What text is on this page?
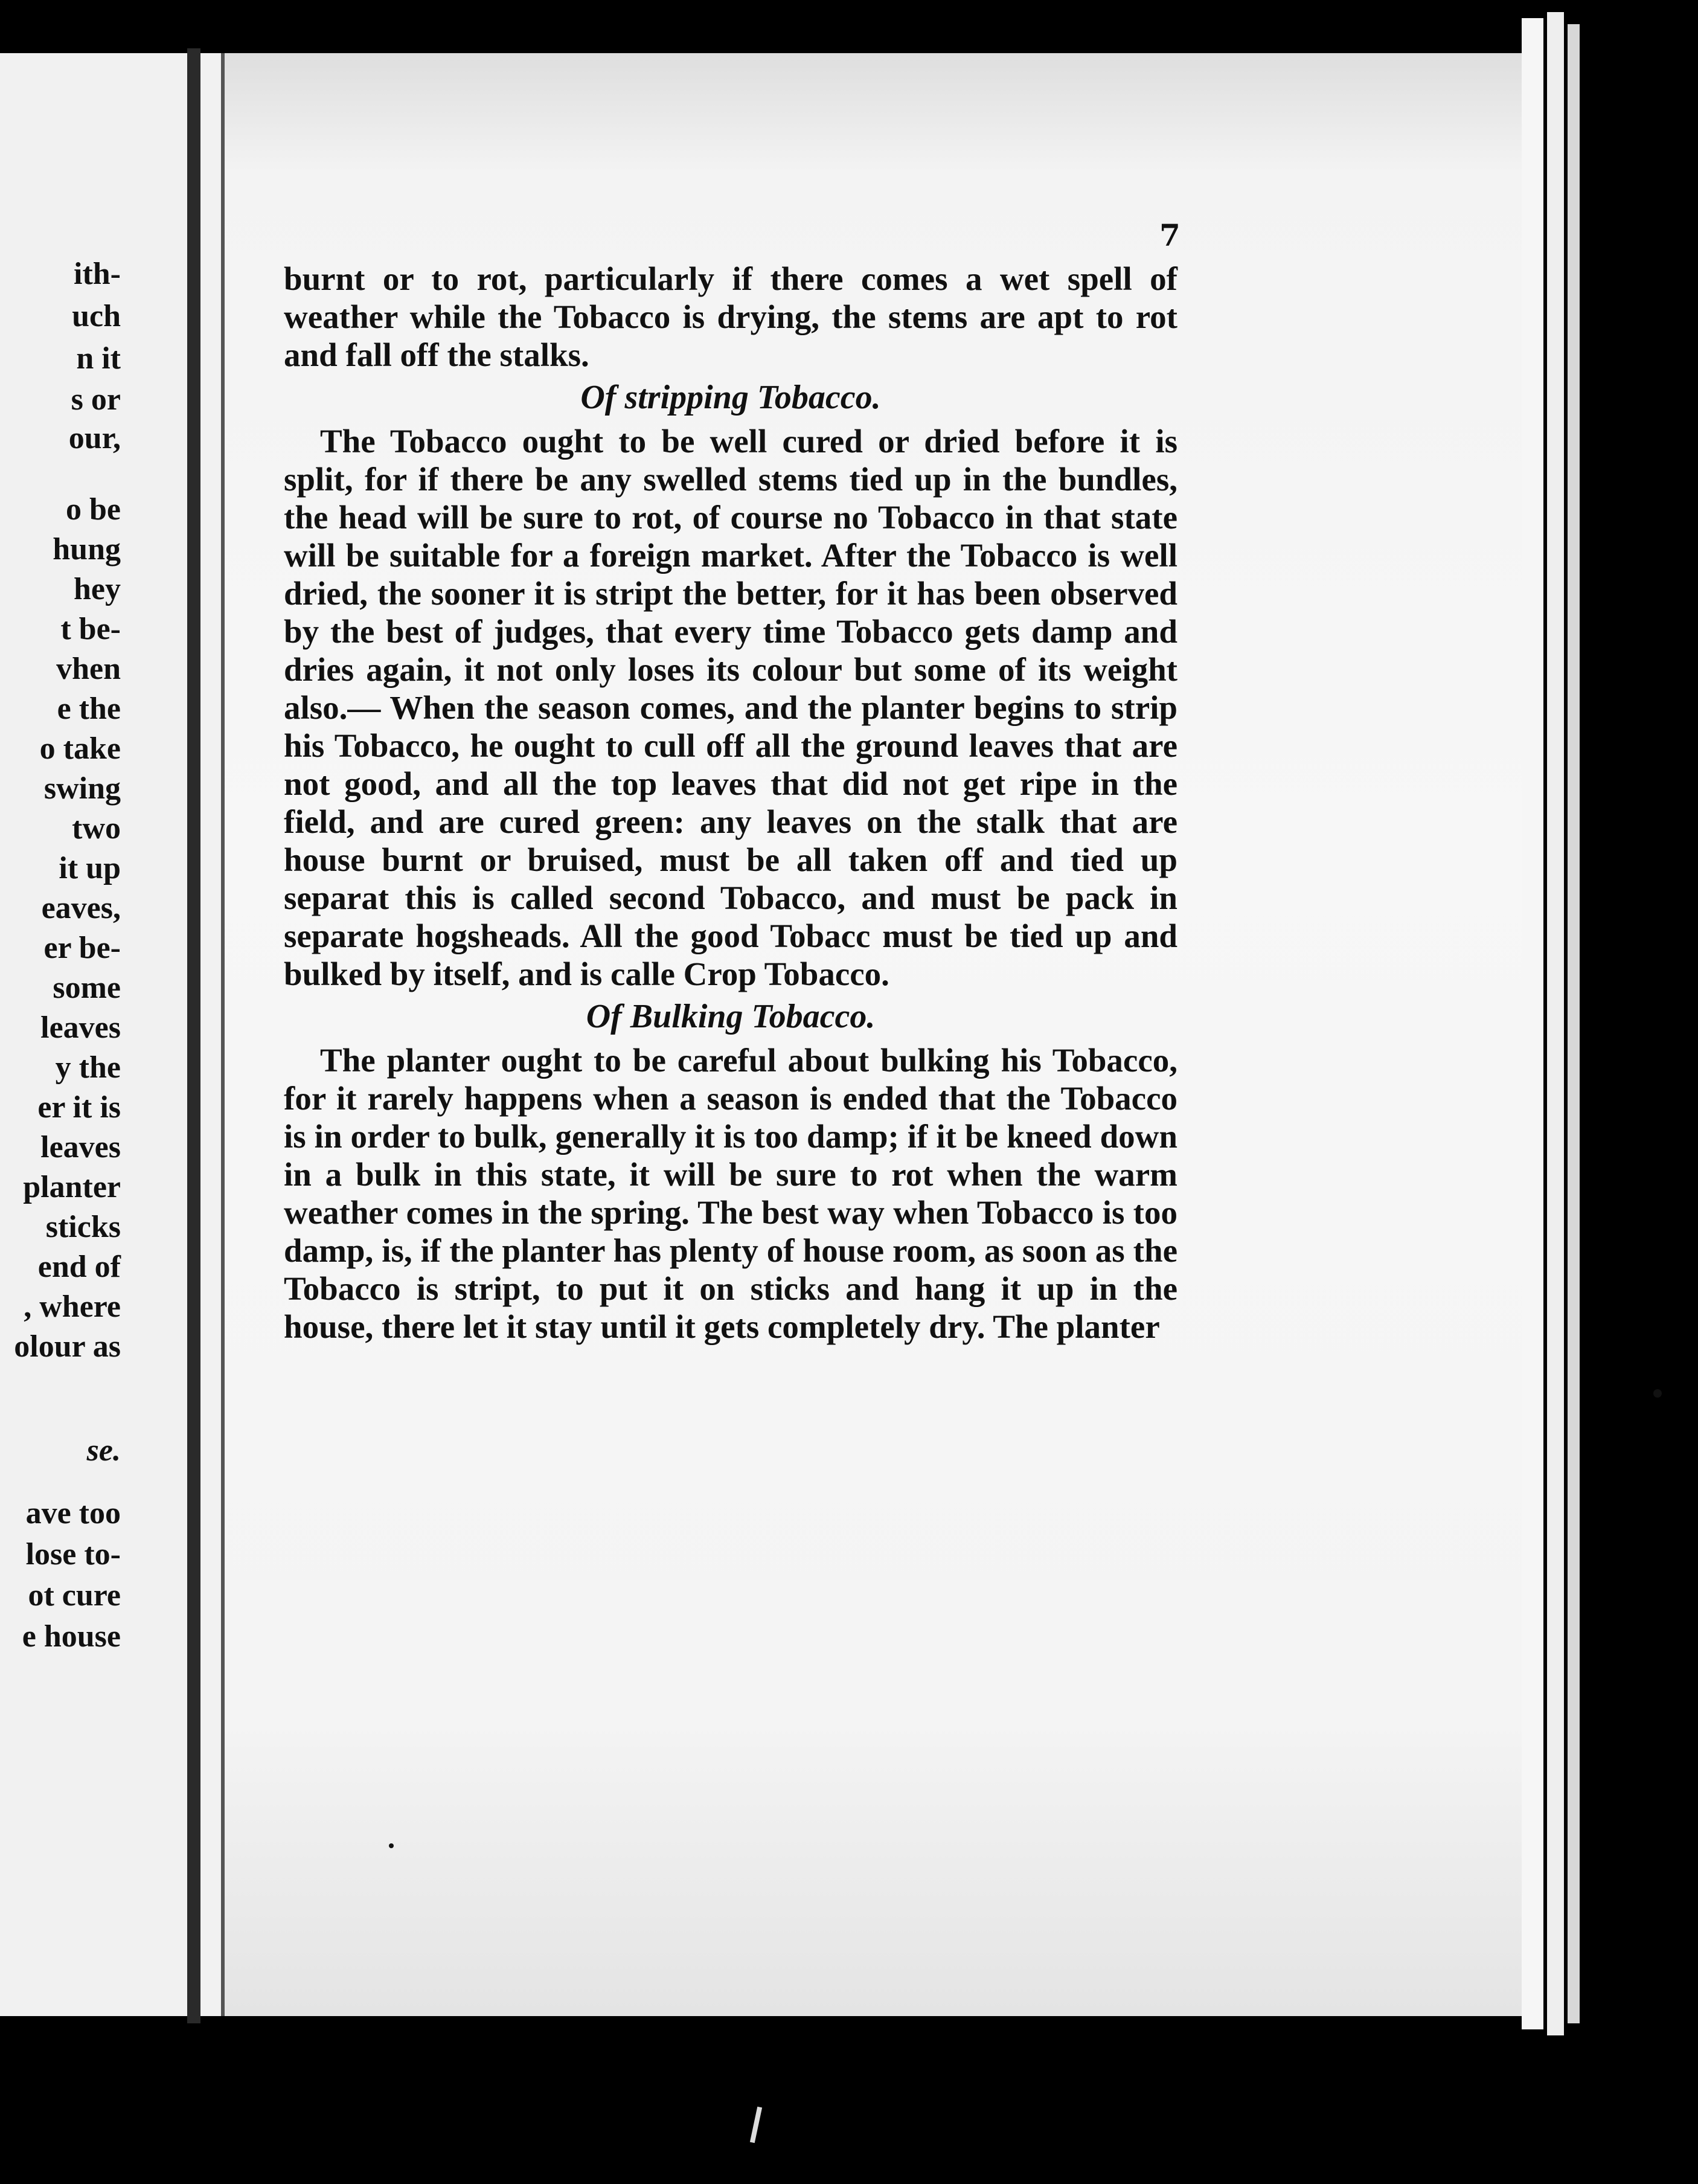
ith-
uch
n it
s or
our,
o be
hung
hey
t be-
vhen
e the
o take
swing
two
it up
eaves,
er be-
some
leaves
y the
er it is
leaves
planter
sticks
end of
, where
olour as
se.
ave too
lose to-
ot cure
e house
7

burnt or to rot, particularly if there comes a wet spell of weather while the Tobacco is drying, the stems are apt to rot and fall off the stalks.

Of stripping Tobacco.

The Tobacco ought to be well cured or dried before it is split, for if there be any swelled stems tied up in the bundles, the head will be sure to rot, of course no Tobacco in that state will be suitable for a foreign market. After the Tobacco is well dried, the sooner it is stript the better, for it has been observed by the best of judges, that every time Tobacco gets damp and dries again, it not only loses its colour but some of its weight also.— When the season comes, and the planter begins to strip his Tobacco, he ought to cull off all the ground leaves that are not good, and all the top leaves that did not get ripe in the field, and are cured green: any leaves on the stalk that are house burnt or bruised, must be all taken off and tied up separat this is called second Tobacco, and must be pack in separate hogsheads. All the good Tobacc must be tied up and bulked by itself, and is calle Crop Tobacco.

Of Bulking Tobacco.

The planter ought to be careful about bulking his Tobacco, for it rarely happens when a season is ended that the Tobacco is in order to bulk, generally it is too damp; if it be kneed down in a bulk in this state, it will be sure to rot when the warm weather comes in the spring. The best way when Tobacco is too damp, is, if the planter has plenty of house room, as soon as the Tobacco is stript, to put it on sticks and hang it up in the house, there let it stay until it gets completely dry. The planter
